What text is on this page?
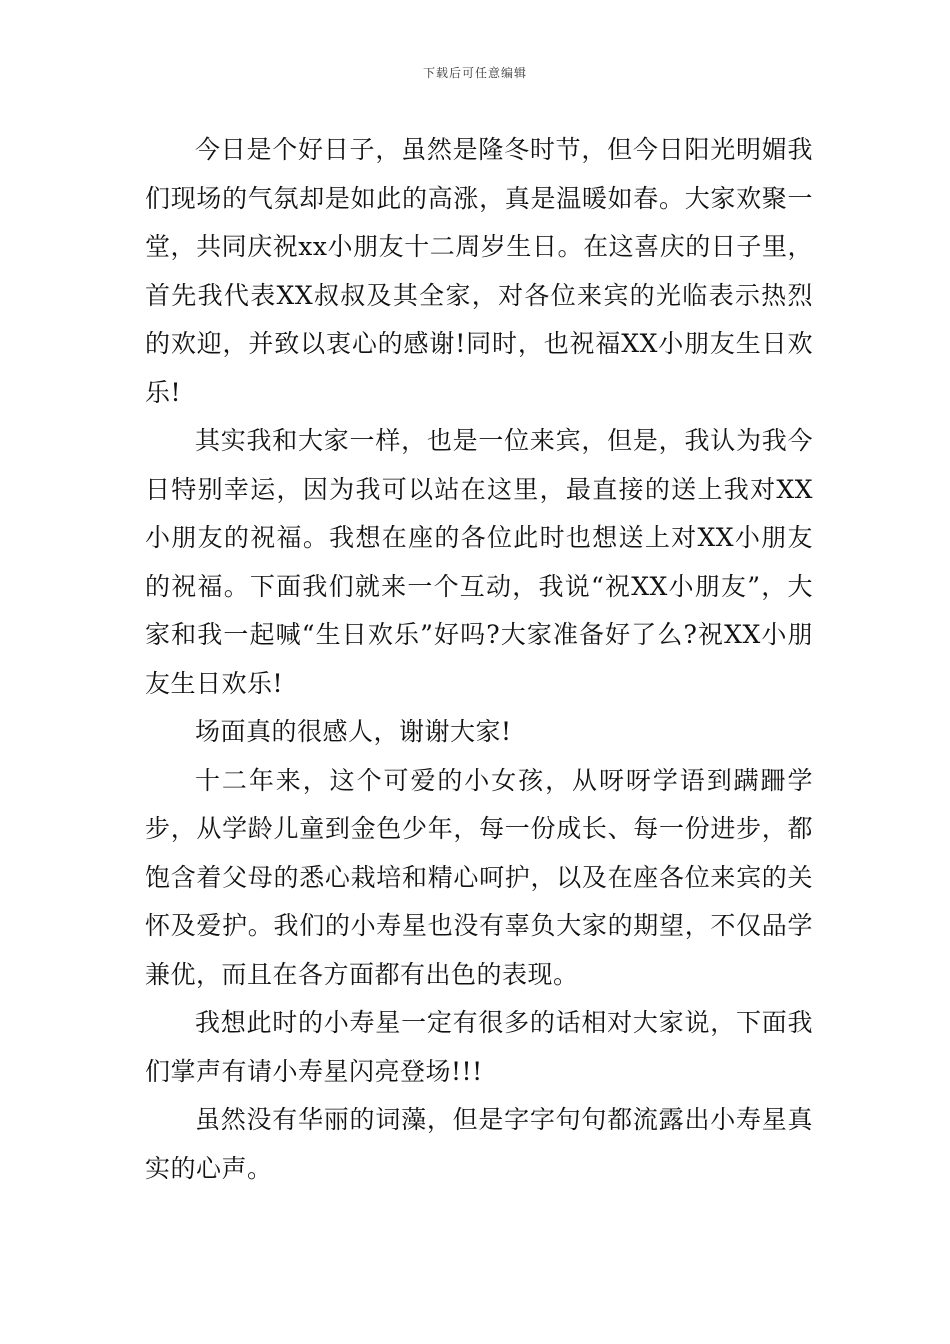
下载后可任意编辑

今日是个好日子，虽然是隆冬时节，但今日阳光明媚我们现场的气氛却是如此的高涨，真是温暖如春。大家欢聚一堂，共同庆祝xx小朋友十二周岁生日。在这喜庆的日子里，首先我代表XX叔叔及其全家，对各位来宾的光临表示热烈的欢迎，并致以衷心的感谢!同时，也祝福XX小朋友生日欢乐!

其实我和大家一样，也是一位来宾，但是，我认为我今日特别幸运，因为我可以站在这里，最直接的送上我对XX小朋友的祝福。我想在座的各位此时也想送上对XX小朋友的祝福。下面我们就来一个互动，我说“祝XX小朋友”，大家和我一起喊“生日欢乐”好吗?大家准备好了么?祝XX小朋友生日欢乐!

场面真的很感人，谢谢大家!

十二年来，这个可爱的小女孩，从呀呀学语到蹒跚学步，从学龄儿童到金色少年，每一份成长、每一份进步，都饱含着父母的悉心栽培和精心呵护，以及在座各位来宾的关怀及爱护。我们的小寿星也没有辜负大家的期望，不仅品学兼优，而且在各方面都有出色的表现。

我想此时的小寿星一定有很多的话相对大家说，下面我们掌声有请小寿星闪亮登场!!!

虽然没有华丽的词藻，但是字字句句都流露出小寿星真实的心声。
